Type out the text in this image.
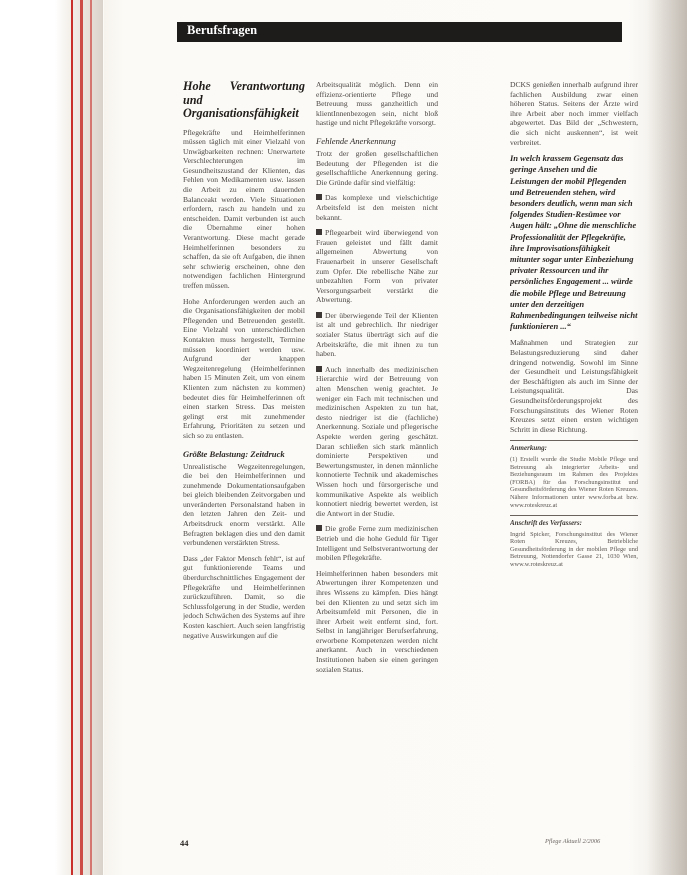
Berufsfragen
Hohe Verantwortung und Organisationsfähigkeit

Pflegekräfte und Heimhelferinnen müssen täglich mit einer Vielzahl von Unwägbarkeiten rechnen: Unerwartete Verschlechterungen im Gesundheitszustand der Klienten, das Fehlen von Medikamenten usw. lassen die Arbeit zu einem dauernden Balanceakt werden. Viele Situationen erfordern, rasch zu handeln und zu entscheiden. Damit verbunden ist auch die Übernahme einer hohen Verantwortung. Diese macht gerade Heimhelferinnen besonders zu schaffen, da sie oft Aufgaben, die ihnen sehr schwierig erscheinen, ohne den notwendigen fachlichen Hintergrund treffen müssen.

Hohe Anforderungen werden auch an die Organisationsfähigkeiten der mobil Pflegenden und Betreuenden gestellt. Eine Vielzahl von unterschiedlichen Kontakten muss hergestellt, Termine müssen koordiniert werden usw. Aufgrund der knappen Wegzeitenregelung (Heimhelferinnen haben 15 Minuten Zeit, um von einem Klienten zum nächsten zu kommen) bedeutet dies für Heimhelferinnen oft einen starken Stress. Das meisten gelingt erst mit zunehmender Erfahrung, Prioritäten zu setzen und sich so zu entlasten.

Größte Belastung: Zeitdruck

Unrealistische Wegzeitenregelungen, die bei den Heimhelferinnen und zunehmende Dokumentationsaufgaben bei gleich bleibenden Zeitvorgaben und unveränderten Personalstand haben in den letzten Jahren den Zeit- und Arbeitsdruck enorm verstärkt. Alle Befragten beklagen dies und den damit verbundenen verstärkten Stress.

Dass „der Faktor Mensch fehlt“, ist auf gut funktionierende Teams und überdurchschnittliches Engagement der Pflegekräfte und Heimhelferinnen zurückzuführen. Damit, so die Schlussfolgerung in der Studie, werden jedoch Schwächen des Systems auf ihre Kosten kaschiert. Auch seien langfristig negative Auswirkungen auf die

Arbeitsqualität möglich. Denn ein effizienz-orientierte Pflege und Betreuung muss ganzheitlich und klientInnenbezogen sein, nicht bloß hastige und nicht Pflegekräfte vorsorgt.

Fehlende Anerkennung

Trotz der großen gesellschaftlichen Bedeutung der Pflegenden ist die gesellschaftliche Anerkennung gering. Die Gründe dafür sind vielfältig:

Das komplexe und vielschichtige Arbeitsfeld ist den meisten nicht bekannt.

Pflegearbeit wird überwiegend von Frauen geleistet und fällt damit allgemeinen Abwertung von Frauenarbeit in unserer Gesellschaft zum Opfer. Die rebellische Nähe zur unbezahlten Form von privater Versorgungsarbeit verstärkt die Abwertung.

Der überwiegende Teil der Klienten ist alt und gebrechlich. Ihr niedriger sozialer Status überträgt sich auf die Arbeitskräfte, die mit ihnen zu tun haben.

Auch innerhalb des medizinischen Hierarchie wird der Betreuung von alten Menschen wenig geachtet. Je weniger ein Fach mit technischen und medizinischen Aspekten zu tun hat, desto niedriger ist die (fachliche) Anerkennung. Soziale und pflegerische Aspekte werden gering geschätzt. Daran schließen sich stark männlich dominierte Perspektiven und Bewertungsmuster, in denen männliche konnotierte Technik und akademisches Wissen hoch und fürsorgerische und kommunikative Aspekte als weiblich konnotiert niedrig bewertet werden, ist die Antwort in der Studie.

Die große Ferne zum medizinischen Betrieb und die hohe Geduld für Tiger Intelligent und Selbstverantwortung der mobilen Pflegekräfte.

Heimhelferinnen haben besonders mit Abwertungen ihrer Kompetenzen und ihres Wissens zu kämpfen. Dies hängt bei den Klienten zu und setzt sich im Arbeitsumfeld mit Personen, die in ihrer Arbeit weit entfernt sind, fort. Selbst in langjähriger Berufserfahrung, erworbene Kompetenzen werden nicht anerkannt. Auch in verschiedenen Institutionen haben sie einen geringen sozialen Status.

DCKS genießen innerhalb aufgrund ihrer fachlichen Ausbildung zwar einen höheren Status. Seitens der Ärzte wird ihre Arbeit aber noch immer vielfach abgewertet. Das Bild der „Schwestern, die sich nicht auskennen“, ist weit verbreitet.

In welch krassem Gegensatz das geringe Ansehen und die Leistungen der mobil Pflegenden und Betreuenden stehen, wird besonders deutlich, wenn man sich folgendes Studien-Resümee vor Augen hält: „Ohne die menschliche Professionalität der Pflegekräfte, ihre Improvisationsfähigkeit mitunter sogar unter Einbeziehung privater Ressourcen und ihr persönliches Engagement ... würde die mobile Pflege und Betreuung unter den derzeitigen Rahmenbedingungen teilweise nicht funktionieren ...“

Maßnahmen und Strategien zur Belastungsreduzierung sind daher dringend notwendig. Sowohl im Sinne der Gesundheit und Leistungsfähigkeit der Beschäftigten als auch im Sinne der Leistungsqualität. Das Gesundheitsförderungsprojekt des Forschungsinstituts des Wiener Roten Kreuzes setzt einen ersten wichtigen Schritt in diese Richtung.

Anmerkung:

(1) Erstellt wurde die Studie Mobile Pflege und Betreuung als integrierter Arbeits- und Beziehungsraum im Rahmen des Projektes (FORBA) für das Forschungsinstitut und Gesundheitsförderung des Wiener Roten Kreuzes. Nähere Informationen unter www.forba.at bzw. www.roteskreuz.at

Anschrift des Verfassers:

Ingrid Spicker, Forschungsinstitut des Wiener Roten Kreuzes, Betriebliche Gesundheitsförderung in der mobilen Pflege und Betreuung, Nottendorfer Gasse 21, 1030 Wien, www.w.roteskreuz.at

44	Pflege Aktuell 2/2006
